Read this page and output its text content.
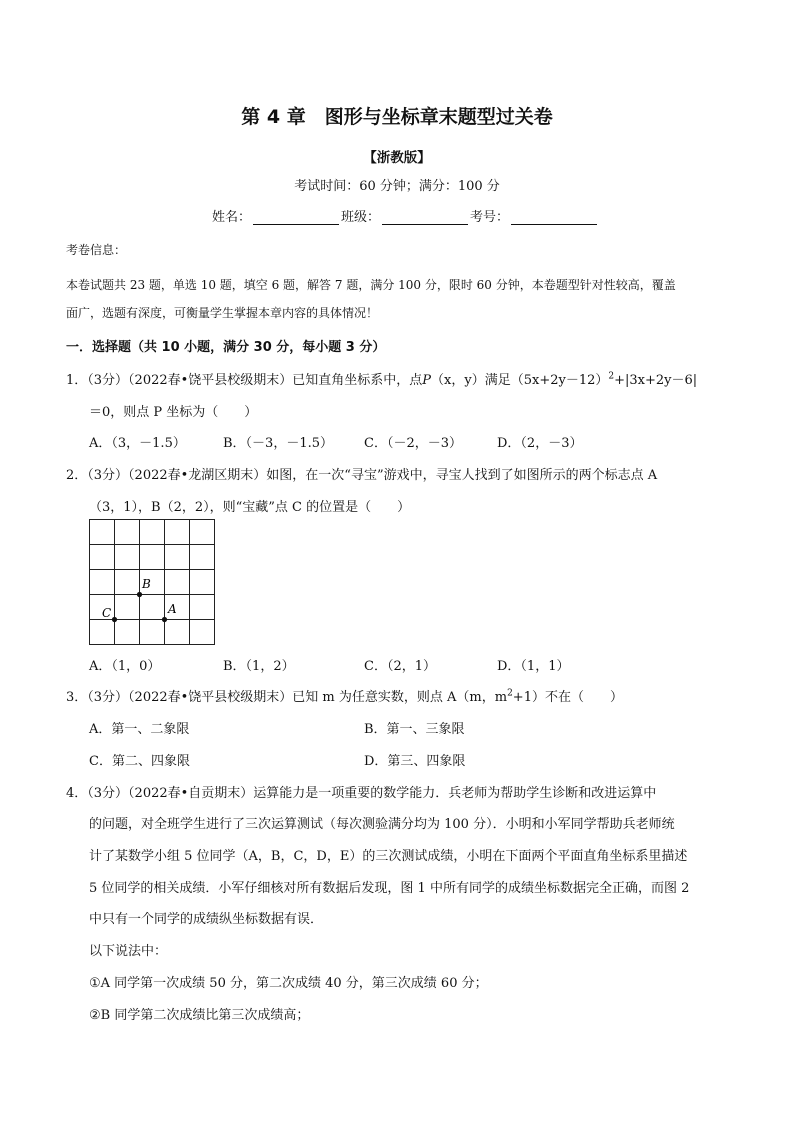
第 4 章　图形与坐标章末题型过关卷
【浙教版】
考试时间：60 分钟；满分：100 分
姓名：	班级：	考号：
考卷信息：
本卷试题共 23 题，单选 10 题，填空 6 题，解答 7 题，满分 100 分，限时 60 分钟，本卷题型针对性较高，覆盖
面广，选题有深度，可衡量学生掌握本章内容的具体情况！
一．选择题（共 10 小题，满分 30 分，每小题 3 分）
1．（3分）（2022春•饶平县校级期末）已知直角坐标系中，点P（x，y）满足$(5x+2y-12)^2+|3x+2y-6|$
＝0，则点 P 坐标为（　　）
A．（3，－1.5）	B．（－3，－1.5） C．（－2，－3）	D．（2，－3）
2．（3分）（2022春•龙湖区期末）如图，在一次“寻宝”游戏中，寻宝人找到了如图所示的两个标志点 A
（3，1），B（2，2），则“宝藏”点 C 的位置是（　　）
B
A
C
A．（1，0）	B．（1，2）	C．（2，1）	D．（1，1）
3．（3分）（2022春•饶平县校级期末）已知 m 为任意实数，则点 A（m，$m^2+1$）不在（　　）
A．第一、二象限	B．第一、三象限
C．第二、四象限	D．第三、四象限
4．（3分）（2022春•自贡期末）运算能力是一项重要的数学能力．兵老师为帮助学生诊断和改进运算中
的问题，对全班学生进行了三次运算测试（每次测验满分均为 100 分）．小明和小军同学帮助兵老师统
计了某数学小组 5 位同学（A，B，C，D，E）的三次测试成绩，小明在下面两个平面直角坐标系里描述
5 位同学的相关成绩．小军仔细核对所有数据后发现，图 1 中所有同学的成绩坐标数据完全正确，而图 2
中只有一个同学的成绩纵坐标数据有误．
以下说法中：
①A 同学第一次成绩 50 分，第二次成绩 40 分，第三次成绩 60 分；
②B 同学第二次成绩比第三次成绩高；
